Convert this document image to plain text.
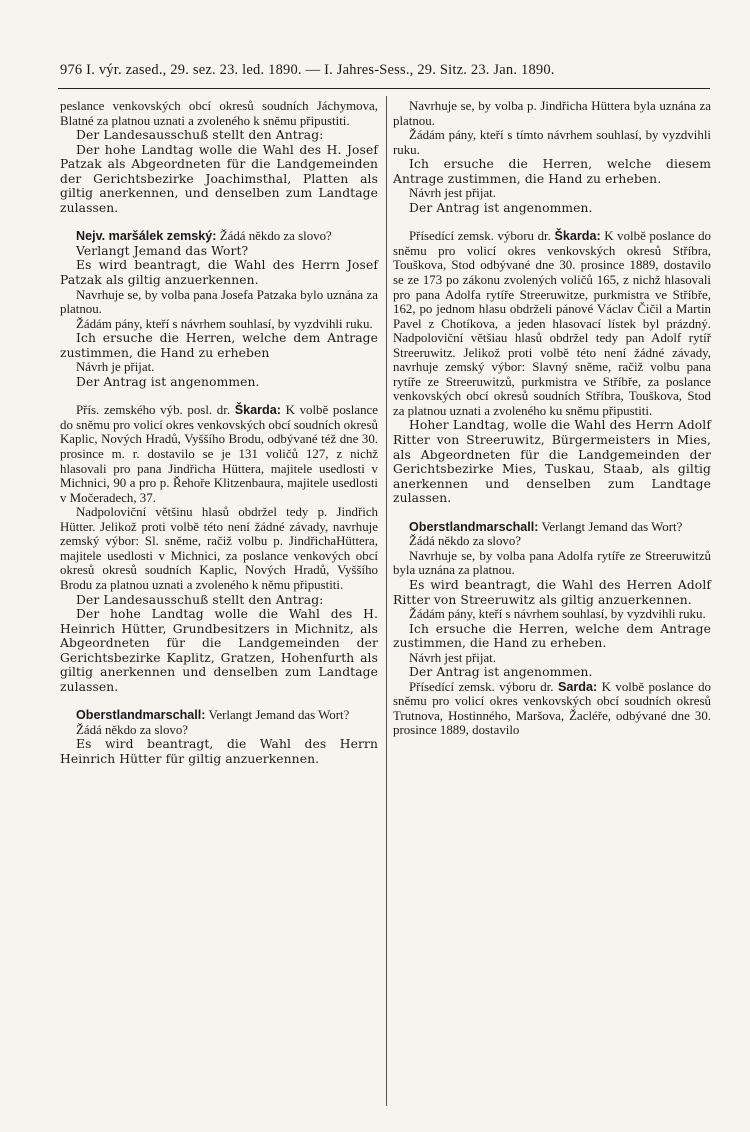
976 I. výr. zased., 29. sez. 23. led. 1890. — I. Jahres-Sess., 29. Sitz. 23. Jan. 1890.

peslance venkovských obcí okresů soudních Jáchymova, Blatné za platnou uznati a zvoleného k sněmu připustiti.

Der Landesausschuß stellt den Antrag:

Der hohe Landtag wolle die Wahl des H. Josef Patzak als Abgeordneten für die Landgemeinden der Gerichtsbezirke Joachimsthal, Platten als giltig anerkennen, und denselben zum Landtage zulassen.

Nejv. maršálek zemský: Žádá někdo za slovo?

Verlangt Jemand das Wort?

Es wird beantragt, die Wahl des Herrn Josef Patzak als giltig anzuerkennen.

Navrhuje se, by volba pana Josefa Patzaka bylo uznána za platnou.

Žádám pány, kteří s návrhem souhlasí, by vyzdvihli ruku.

Ich ersuche die Herren, welche dem Antrage zustimmen, die Hand zu erheben

Návrh je přijat.

Der Antrag ist angenommen.

Přís. zemského výb. posl. dr. Škarda: K volbě poslance do sněmu pro volicí okres venkovských obcí soudních okresů Kaplic, Nových Hradů, Vyššího Brodu, odbývané též dne 30. prosince m. r. dostavilo se je 131 voličů 127, z nichž hlasovali pro pana Jindřicha Hüttera, majitele usedlosti v Michnici, 90 a pro p. Řehoře Klitzenbaura, majitele usedlosti v Močeradech, 37.

Nadpoloviční většinu hlasů obdržel tedy p. Jindřich Hütter. Jelikož proti volbě této není žádné závady, navrhuje zemský výbor: Sl. sněme, račiž volbu p. JindřichaHüttera, majitele usedlosti v Michnici, za poslance venkových obcí okresů okresů soudních Kaplic, Nových Hradů, Vyššího Brodu za platnou uznati a zvoleného k němu připustiti.

Der Landesausschuß stellt den Antrag:

Der hohe Landtag wolle die Wahl des H. Heinrich Hütter, Grundbesitzers in Michnitz, als Abgeordneten für die Landgemeinden der Gerichtsbezirke Kaplitz, Gratzen, Hohenfurth als giltig anerkennen und denselben zum Landtage zulassen.

Oberstlandmarschall: Verlangt Jemand das Wort?

Žádá někdo za slovo?

Es wird beantragt, die Wahl des Herrn Heinrich Hütter für giltig anzuerkennen.

Navrhuje se, by volba p. Jindřicha Hüttera byla uznána za platnou.

Žádám pány, kteří s tímto návrhem souhlasí, by vyzdvihli ruku.

Ich ersuche die Herren, welche diesem Antrage zustimmen, die Hand zu erheben.

Návrh jest přijat.

Der Antrag ist angenommen.

Přísedící zemsk. výboru dr. Škarda: K volbě poslance do sněmu pro volicí okres venkovských okresů Stříbra, Touškova, Stod odbývané dne 30. prosince 1889, dostavilo se ze 173 po zákonu zvolených voličů 165, z nichž hlasovali pro pana Adolfa rytíře Streeruwitze, purkmistra ve Stříbře, 162, po jednom hlasu obdrželi pánové Václav Čičil a Martin Pavel z Chotíkova, a jeden hlasovací lístek byl prázdný. Nadpoloviční většiau hlasů obdržel tedy pan Adolf rytíř Streeruwitz. Jelikož proti volbě této není žádné závady, navrhuje zemský výbor: Slavný sněme, račiž volbu pana rytíře ze Streeruwitzů, purkmistra ve Stříbře, za poslance venkovských obcí okresů soudních Stříbra, Touškova, Stod za platnou uznati a zvoleného ku sněmu připustiti.

Hoher Landtag, wolle die Wahl des Herrn Adolf Ritter von Streeruwitz, Bürgermeisters in Mies, als Abgeordneten für die Landgemeinden der Gerichtsbezirke Mies, Tuskau, Staab, als giltig anerkennen und denselben zum Landtage zulassen.

Oberstlandmarschall: Verlangt Jemand das Wort?

Žádá někdo za slovo?

Navrhuje se, by volba pana Adolfa rytíře ze Streeruwitzů byla uznána za platnou.

Es wird beantragt, die Wahl des Herren Adolf Ritter von Streeruwitz als giltig anzuerkennen.

Žádám pány, kteří s návrhem souhlasí, by vyzdvihli ruku.

Ich ersuche die Herren, welche dem Antrage zustimmen, die Hand zu erheben.

Návrh jest přijat.

Der Antrag ist angenommen.

Přísedící zemsk. výboru dr. Sarda: K volbě poslance do sněmu pro volicí okres venkovských obcí soudních okresů Trutnova, Hostinného, Maršova, Žacléře, odbývané dne 30. prosince 1889, dostavilo
